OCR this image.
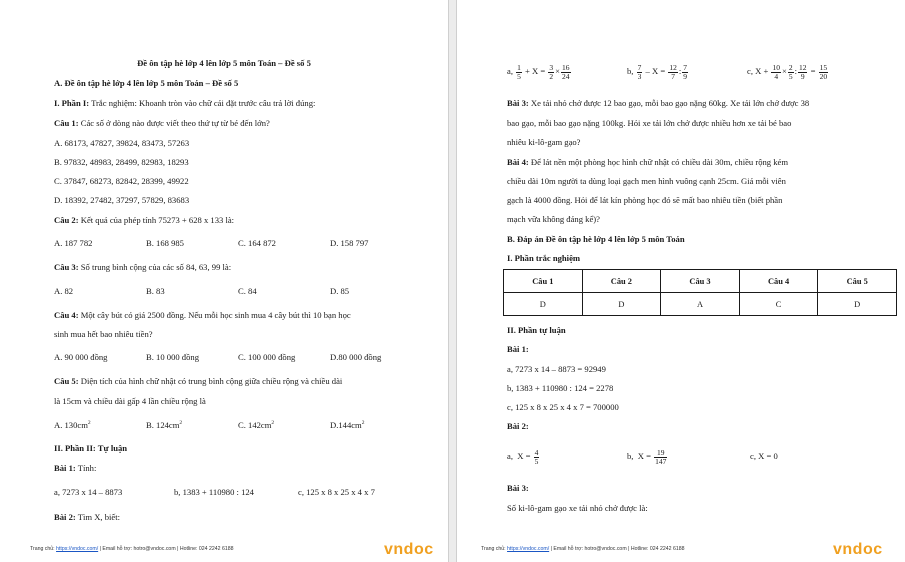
Đề ôn tập hè lớp 4 lên lớp 5 môn Toán – Đề số 5
A. Đề ôn tập hè lớp 4 lên lớp 5 môn Toán – Đề số 5
I. Phần I: Trắc nghiệm: Khoanh tròn vào chữ cái đặt trước câu trả lời đúng:
Câu 1: Các số ở dòng nào được viết theo thứ tự từ bé đến lớn?
A. 68173, 47827, 39824, 83473, 57263
B. 97832, 48983, 28499, 82983, 18293
C. 37847, 68273, 82842, 28399, 49922
D. 18392, 27482, 37297, 57829, 83683
Câu 2: Kết quả của phép tính 75273 + 628 x 133 là:
A. 187 782	B. 168 985	C. 164 872	D. 158 797
Câu 3: Số trung bình cộng của các số 84, 63, 99 là:
A. 82	B. 83	C. 84	D. 85
Câu 4: Một cây bút có giá 2500 đồng. Nếu mỗi học sinh mua 4 cây bút thì 10 bạn học
sinh mua hết bao nhiêu tiền?
A. 90 000 đồng	B. 10 000 đồng	C. 100 000 đồng	D.80 000 đồng
Câu 5: Diện tích của hình chữ nhật có trung bình cộng giữa chiều rộng và chiều dài
là 15cm và chiều dài gấp 4 lần chiều rộng là
A. $130cm^2$	B. $124cm^2$	C. $142cm^2$	$D.144cm^2$
II. Phần II: Tự luận
Bài 1: Tính:
a, 7273 x 14 – 8873	b, 1383 + 110980 : 124	c, 125 x 8 x 25 x 4 x 7
Bài 2: Tìm X, biết:
Trang chủ: https://vndoc.com/ | Email hỗ trợ: hotro@vndoc.com | Hotline: 024 2242 6188	vndoc
a, $\frac{1}{5} + X = \frac{3}{2} \times \frac{16}{24}$	b, $\frac{7}{3} - X = \frac{12}{7}$ : $\frac{7}{9}$	c, $X + \frac{10}{4} \times \frac{2}{5}$ : $\frac{12}{9} = \frac{15}{20}$
Bài 3: Xe tải nhỏ chở được 12 bao gạo, mỗi bao gạo nặng 60kg. Xe tải lớn chở được 38
bao gạo, mỗi bao gạo nặng 100kg. Hỏi xe tải lớn chở được nhiều hơn xe tải bé bao
nhiêu ki-lô-gam gạo?
Bài 4: Để lát nền một phòng học hình chữ nhật có chiều dài 30m, chiều rộng kém
chiều dài 10m người ta dùng loại gạch men hình vuông cạnh 25cm. Giá mỗi viên
gạch là 4000 đồng. Hỏi để lát kín phòng học đó sẽ mất bao nhiêu tiền (biết phần
mạch vữa không đáng kể)?
B. Đáp án Đề ôn tập hè lớp 4 lên lớp 5 môn Toán
I. Phần trắc nghiệm
Câu 1	Câu 2	Câu 3	Câu 4	Câu 5
D	D	A	C	D
II. Phần tự luận
Bài 1:
a, 7273 x 14 – 8873 = 92949
b, 1383 + 110980 : 124 = 2278
c, 125 x 8 x 25 x 4 x 7 = 700000
Bài 2:
a, $X = \frac{4}{5}$	b, $X = \frac{19}{147}$	c, X = 0
Bài 3:
Số ki-lô-gam gạo xe tải nhỏ chở được là:
Trang chủ: https://vndoc.com/ | Email hỗ trợ: hotro@vndoc.com | Hotline: 024 2242 6188	vndoc
